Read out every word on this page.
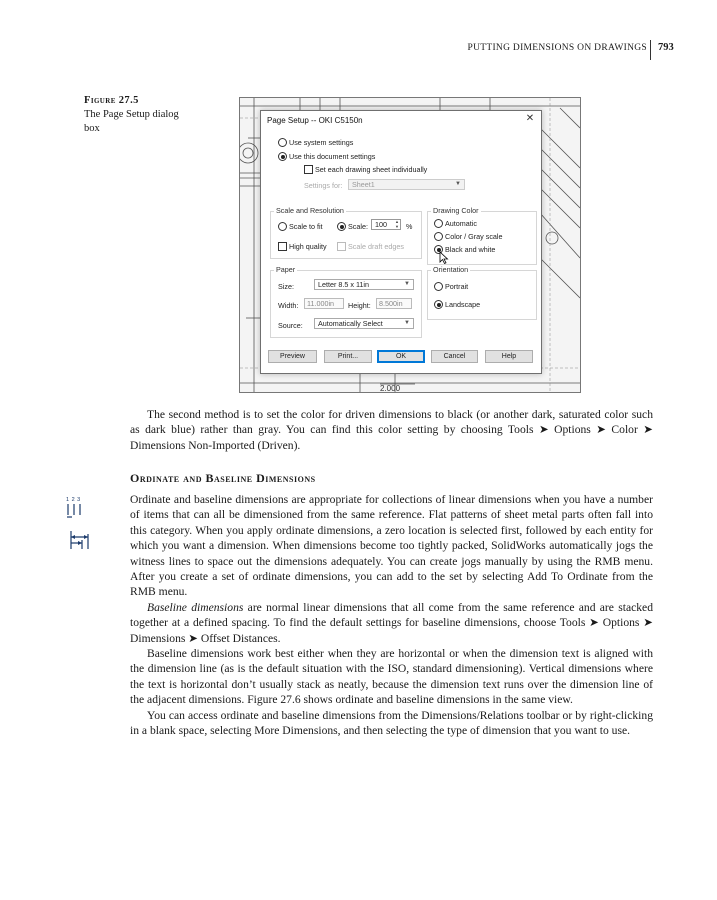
PUTTING DIMENSIONS ON DRAWINGS 793
Figure 27.5
The Page Setup dialog box
2.000
Page Setup -- OKI C5150n	✕
Use system settings
Use this document settings
Set each drawing sheet individually
Settings for:	Sheet1	▼
Scale and Resolution
Scale to fit	Scale: 100 ▲
▼ %
High quality	Scale draft edges
Drawing Color
Automatic
Color / Gray scale
Black and white
Paper
Size:	Letter 8.5 x 11in	▼
Width:	11.000in	Height:	8.500in
Source:	Automatically Select	▼
Orientation
Portrait
Landscape
Preview	Print...	OK	Cancel	Help

The second method is to set the color for driven dimensions to black (or another dark, saturated color such as dark blue) rather than gray. You can find this color setting by choosing Tools ➤ Options ➤ Color ➤ Dimensions Non-Imported (Driven).

Ordinate and Baseline Dimensions
1 2 3	Ordinate and baseline dimensions are appropriate for collections of linear dimensions when you have a number of items that can all be dimensioned from the same reference. Flat patterns of sheet metal parts often fall into this category. When you apply ordinate dimensions, a zero location is selected first, followed by each entity for which you want a dimension. When dimensions become too tightly packed, SolidWorks automatically jogs the witness lines to space out the dimensions adequately. You can create jogs manually by using the RMB menu. After you create a set of ordinate dimensions, you can add to the set by selecting Add To Ordinate from the RMB menu.

Baseline dimensions are normal linear dimensions that all come from the same reference and are stacked together at a defined spacing. To find the default settings for baseline dimensions, choose Tools ➤ Options ➤ Dimensions ➤ Offset Distances.

Baseline dimensions work best either when they are horizontal or when the dimension text is aligned with the dimension line (as is the default situation with the ISO, standard dimensioning). Vertical dimensions where the text is horizontal don’t usually stack as neatly, because the dimension text runs over the dimension line of the adjacent dimensions. Figure 27.6 shows ordinate and baseline dimensions in the same view.

You can access ordinate and baseline dimensions from the Dimensions/Relations toolbar or by right-clicking in a blank space, selecting More Dimensions, and then selecting the type of dimension that you want to use.
